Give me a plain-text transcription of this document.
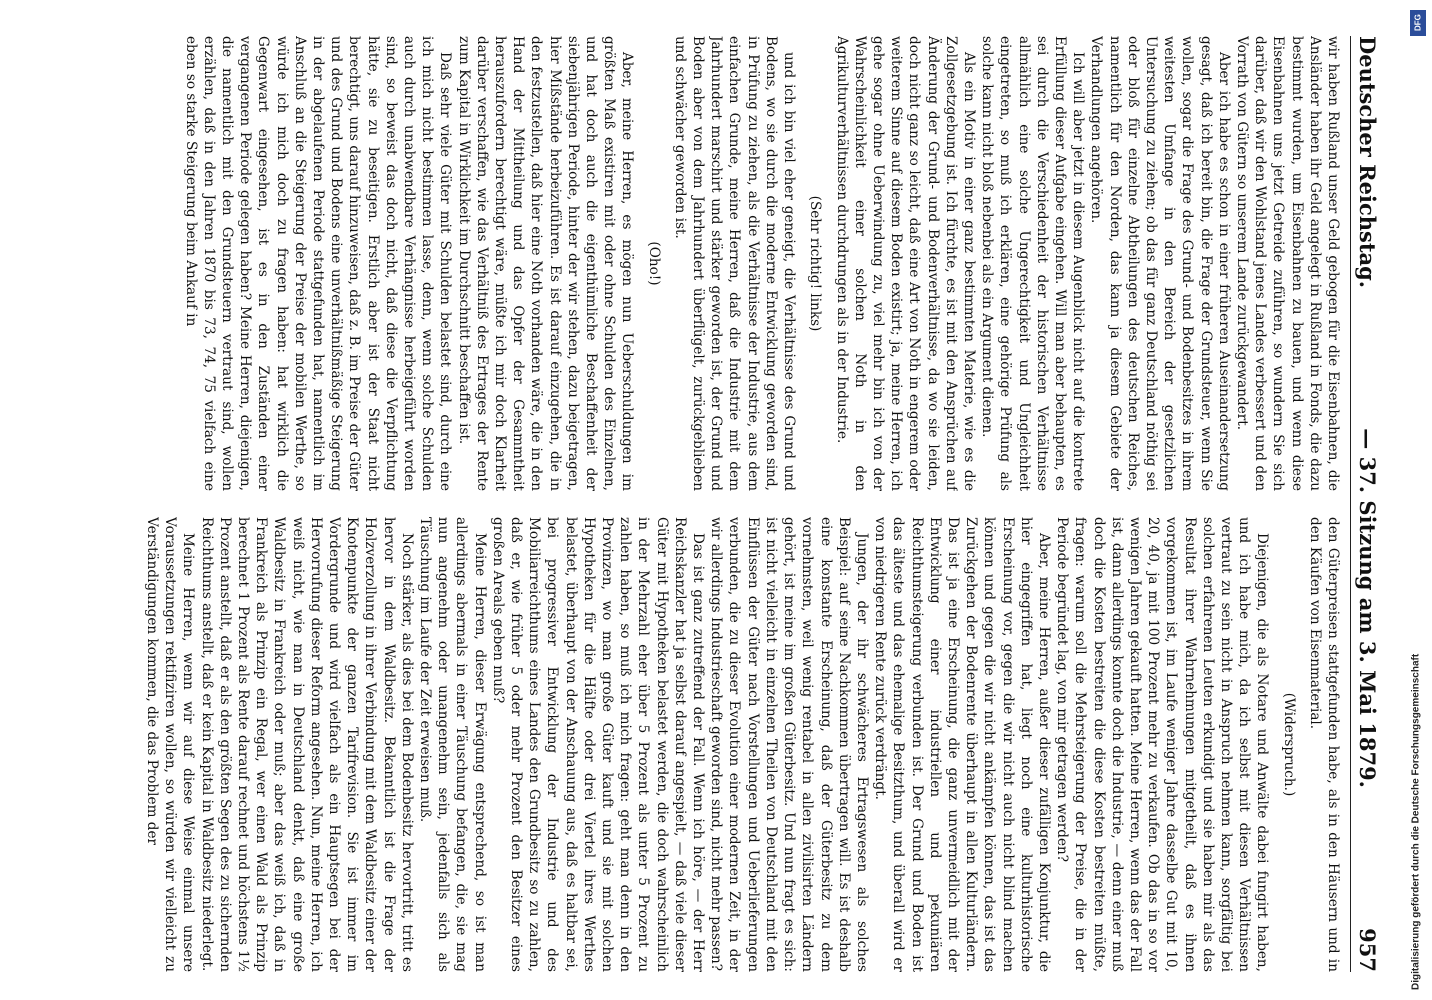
Deutscher Reichstag.
— 37. Sitzung am 3. Mai 1879.
957

wir haben Rußland unser Geld gebogen für die Eisenbahnen, die Ansländer haben ihr Geld angelegt in Rußland in Fonds, die dazu bestimmt wurden, um Eisenbahnen zu bauen, und wenn diese Eisenbahnen uns jetzt Getreide zuführen, so wundern Sie sich darüber, daß wir den Wohlstand jenes Landes verbessert und den Vorrath von Gütern so unserem Lande zurückgewandert.

Aber ich habe es schon in einer früheren Auseinandersetzung gesagt, daß ich bereit bin, die Frage der Grundsteuer, wenn Sie wollen, sogar die Frage des Grund- und Bodenbesitzes in ihrem weitesten Umfange in den Bereich der gesetzlichen Untersuchung zu ziehen; ob das für ganz Deutschland nöthig sei oder bloß für einzelne Abtheilungen des deutschen Reiches, namentlich für den Norden, das kann ja diesem Gebiete der Verhandlungen angehören.

Ich will aber jetzt in diesem Augenblick nicht auf die kontrete Erfüllung dieser Aufgabe eingehen. Will man aber behaupten, es sei durch die Verschiedenheit der historischen Verhältnisse allmählich eine solche Ungerechtigkeit und Ungleichheit eingetreten, so muß ich erklären, eine gehörige Prüfung als solche kann nicht bloß nebenbei als ein Argument dienen.

Als ein Motiv in einer ganz bestimmten Materie, wie es die Zollgesetzgebung ist. Ich fürchte, es ist mit den Ansprüchen auf Änderung der Grund- und Bodenverhältnisse, da wo sie leiden, doch nicht ganz so leicht, daß eine Art von Noth in engerem oder weiterem Sinne auf diesem Boden existirt; ja, meine Herren, ich gehe sogar ohne Ueberwindung zu, viel mehr bin ich von der Wahrscheinlichkeit einer solchen Noth in den Agrikulturverhältnissen durchdrungen als in der Industrie.

(Sehr richtig! links)

und ich bin viel eher geneigt, die Verhältnisse des Grund und Bodens, wo sie durch die moderne Entwicklung geworden sind, in Prüfung zu ziehen, als die Verhältnisse der Industrie, aus dem einfachen Grunde, meine Herren, daß die Industrie mit dem Jahrhundert marschirt und stärker geworden ist, der Grund und Boden aber von dem Jahrhundert überflügelt, zurückgeblieben und schwächer geworden ist.

(Oho!)

Aber, meine Herren, es mögen nun Ueberschuldungen im größten Maß existiren mit oder ohne Schulden des Einzelnen, und hat doch auch die eigenthümliche Beschaffenheit der siebenjährigen Periode, hinter der wir stehen, dazu beigetragen, hier Mißstände herbeizuführen. Es ist darauf einzugehen, die in den festzustellen, daß hier eine Noth vorhanden wäre, die in den Hand der Mittheilung und das Opfer der Gesammtheit herauszufordern berechtigt wäre, müßte ich mir doch Klarheit darüber verschaffen, wie das Verhältniß des Ertrages der Rente zum Kapital in Wirklichkeit im Durchschnitt beschaffen ist.

Daß sehr viele Güter mit Schulden belastet sind, durch eine ich mich nicht bestimmen lasse, denn, wenn solche Schulden auch durch unabwendbare Verhängnisse herbeigeführt worden sind, so beweist das doch nicht, daß diese die Verpflichtung hätte, sie zu beseitigen. Erstlich aber ist der Staat nicht berechtigt, uns darauf hinzuweisen, daß z. B. im Preise der Güter und des Grund und Bodens eine unverhältnißmäßige Steigerung in der abgelaufenen Periode stattgefunden hat, namentlich im Anschluß an die Steigerung der Preise der mobilen Werthe, so würde ich mich doch zu fragen haben: hat wirklich die Gegenwart eingesehen, ist es in den Zuständen einer vergangenen Periode gelegen haben? Meine Herren, diejenigen, die namentlich mit den Grundsteuern vertraut sind, wollen erzählen, daß in den Jahren 1870 bis 73, 74, 75 vielfach eine eben so starke Steigerung beim Ankauf in

den Güterpreisen stattgefunden habe, als in den Häusern und in den Käufen von Eisenmaterial.

(Widerspruch.)

Diejenigen, die als Notare und Anwälte dabei fungirt haben, und ich habe mich, da ich selbst mit diesen Verhältnissen vertraut zu sein nicht in Anspruch nehmen kann, sorgfältig bei solchen erfahrenen Leuten erkundigt und sie haben mir als das Resultat ihrer Wahrnehmungen mitgetheilt, daß es ihnen vorgekommen ist, im Laufe weniger Jahre dasselbe Gut mit 10, 20, 40, ja mit 100 Prozent mehr zu verkaufen. Ob das in so vor wenigen Jahren gekauft hatten. Meine Herren, wenn das der Fall ist, dann allerdings konnte doch die Industrie, — denn einer muß doch die Kosten bestreiten die diese Kosten bestreiten müßte, fragen: warum soll die Mehrsteigerung der Preise, die in der Periode begründet lag, von mir getragen werden?

Aber, meine Herren, außer dieser zufälligen Konjunktur, die hier eingegriffen hat, liegt noch eine kulturhistorische Erscheinung vor, gegen die wir nicht auch nicht blind machen können und gegen die wir nicht ankämpfen können, das ist das Zurückgehen der Bodenrente überhaupt in allen Kulturländern. Das ist ja eine Erscheinung, die ganz unvermeidlich mit der Entwicklung einer industriellen und pekuniären Reichthumsteigerung verbunden ist. Der Grund und Boden ist das älteste und das ehemalige Besitzthum, und überall wird er von niedrigeren Rente zurück verdrängt.

Jungen, der ihr schwächeres Ertragswesen als solches Beispiel: auf seine Nachkommen übertragen will. Es ist deshalb eine konstante Erscheinung, daß der Güterbesitz zu dem vornehmsten, weil wenig rentabel in allen zivilisirten Ländern gehört, ist meine im großen Güterbesitz. Und nun fragt es sich: ist nicht vielleicht in einzelnen Theilen von Deutschland mit den Einflüssen der Güter nach Vorstellungen und Ueberlieferungen verbunden, die zu dieser Evolution einer modernen Zeit, in der wir allerdings Industrieschaft geworden sind, nicht mehr passen?

Das ist ganz zutreffend der Fall. Wenn ich höre, — der Herr Reichskanzler hat ja selbst darauf angespielt, — daß viele dieser Güter mit Hypotheken belastet werden, die doch wahrscheinlich in der Mehrzahl eher über 5 Prozent als unter 5 Prozent zu zahlen haben, so muß ich mich fragen: geht man denn in den Provinzen, wo man große Güter kauft und sie mit solchen Hypotheken für die Hälfte oder drei Viertel ihres Werthes belastet, überhaupt von der Anschauung aus, daß es haltbar sei, bei progressiver Entwicklung der Industrie und des Mobiliarreichthums eines Landes den Grundbesitz so zu zahlen, daß er, wie früher 5 oder mehr Prozent den Besitzer eines großen Areals geben muß?

Meine Herren, dieser Erwägung entsprechend, so ist man allerdings abermals in einer Täuschung befangen, die, sie mag nun angenehm oder unangenehm sein, jedenfalls sich als Täuschung im Laufe der Zeit erweisen muß.

Noch stärker, als dies bei dem Bodenbesitz hervortritt, tritt es hervor in dem Waldbesitz. Bekanntlich ist die Frage der Holzverzollung in ihrer Verbindung mit dem Waldbesitz einer der Knotenpunkte der ganzen Tarifrevision. Sie ist immer im Vordergrunde und wird vielfach als ein Hauptsegen bei der Hervorrufung dieser Reform angesehen. Nun, meine Herren, ich weiß nicht, wie man in Deutschland denkt, daß eine große Waldbesitz in Frankreich oder muß; aber das weiß ich, daß in Frankreich als Prinzip ein Regal, wer einen Wald als Prinzip berechnet 1 Prozent als Rente darauf rechnet und höchstens 1½ Prozent anstellt, daß er als den größten Segen des zu sichernden Reichthums anstellt, daß er kein Kapital in Waldbesitz niederlegt.

Meine Herren, wenn wir auf diese Weise einmal unsere Voraussetzungen rektifiziren wollen, so würden wir vielleicht zu Verständigungen kommen, die das Problem der	Digitalisierung gefördert durch die Deutsche Forschungsgemeinschaft
DFG
